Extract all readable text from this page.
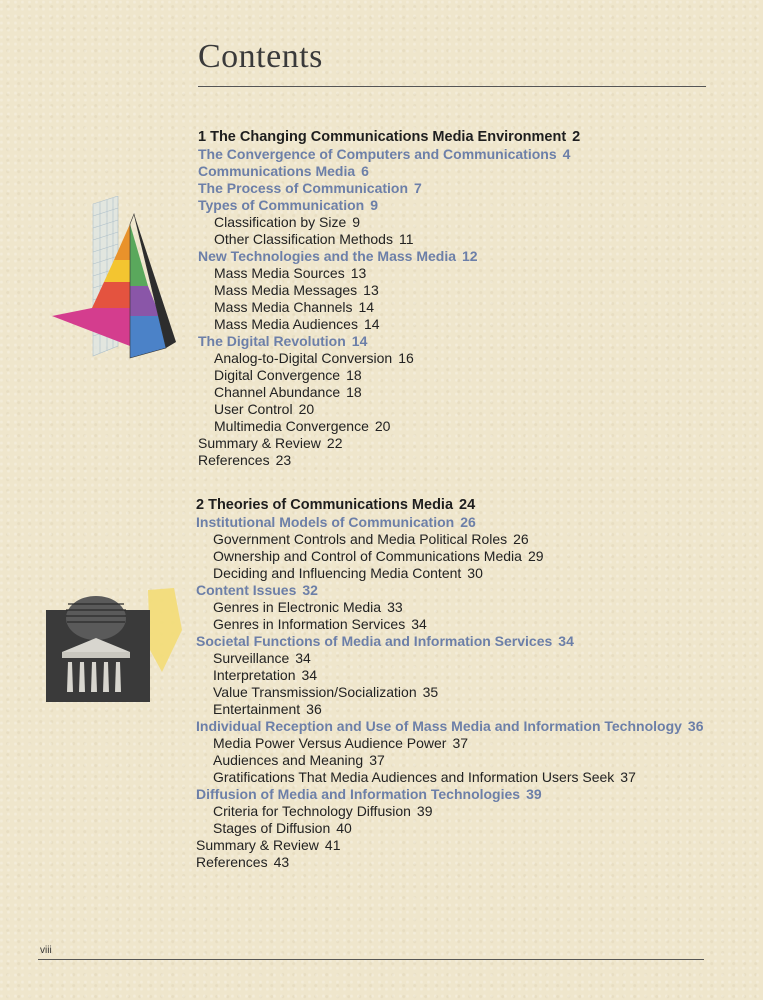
Contents
1 The Changing Communications Media Environment 2
The Convergence of Computers and Communications 4
Communications Media 6
The Process of Communication 7
Types of Communication 9
Classification by Size 9
Other Classification Methods 11
New Technologies and the Mass Media 12
Mass Media Sources 13
Mass Media Messages 13
Mass Media Channels 14
Mass Media Audiences 14
The Digital Revolution 14
Analog-to-Digital Conversion 16
Digital Convergence 18
Channel Abundance 18
User Control 20
Multimedia Convergence 20
Summary & Review 22
References 23
2 Theories of Communications Media 24
Institutional Models of Communication 26
Government Controls and Media Political Roles 26
Ownership and Control of Communications Media 29
Deciding and Influencing Media Content 30
Content Issues 32
Genres in Electronic Media 33
Genres in Information Services 34
Societal Functions of Media and Information Services 34
Surveillance 34
Interpretation 34
Value Transmission/Socialization 35
Entertainment 36
Individual Reception and Use of Mass Media and Information Technology 36
Media Power Versus Audience Power 37
Audiences and Meaning 37
Gratifications That Media Audiences and Information Users Seek 37
Diffusion of Media and Information Technologies 39
Criteria for Technology Diffusion 39
Stages of Diffusion 40
Summary & Review 41
References 43
viii
